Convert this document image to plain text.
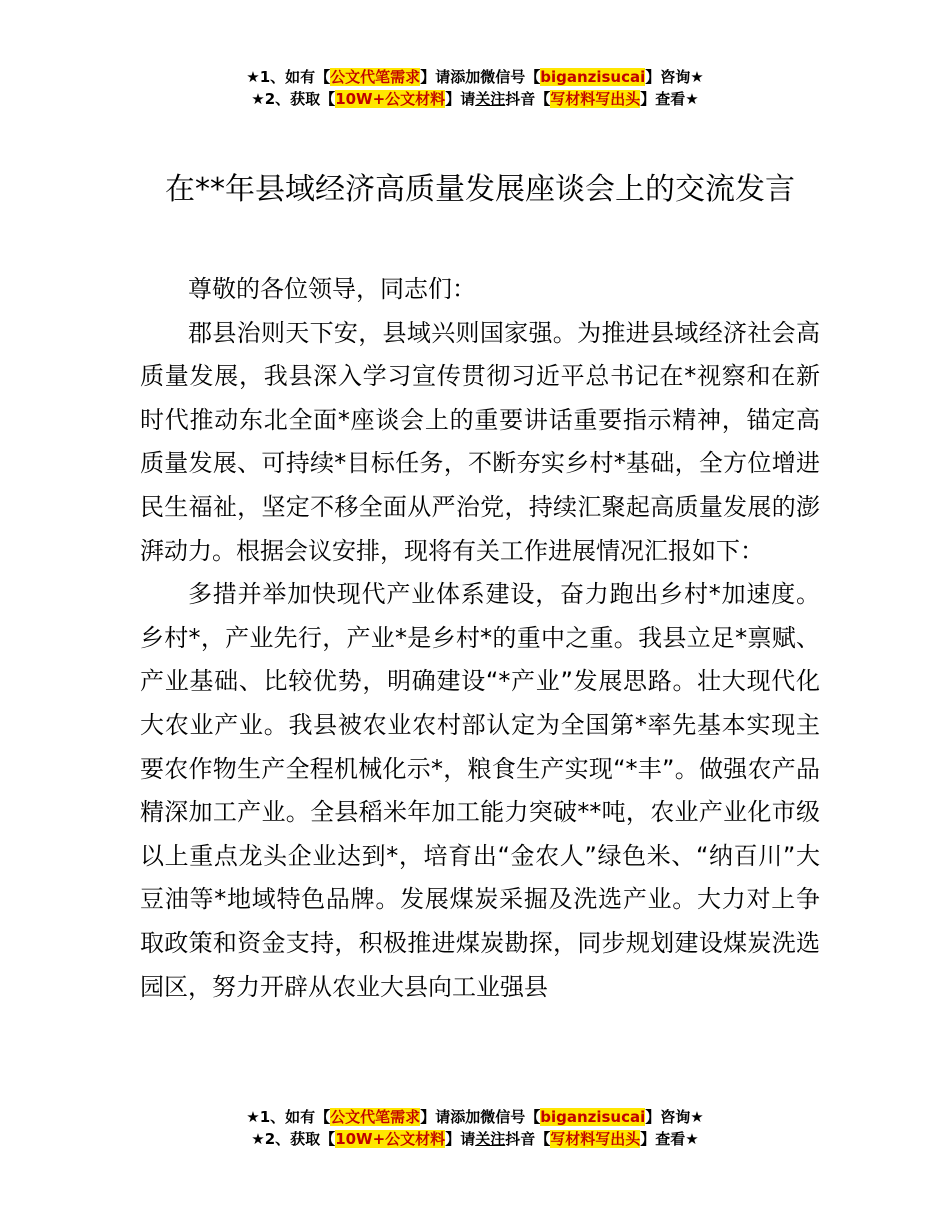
★1、如有【公文代笔需求】请添加微信号【biganzisucai】咨询★
★2、获取【10W+公文材料】请关注抖音【写材料写出头】查看★
在**年县域经济高质量发展座谈会上的交流发言

尊敬的各位领导，同志们：

郡县治则天下安，县域兴则国家强。为推进县域经济社会高质量发展，我县深入学习宣传贯彻习近平总书记在*视察和在新时代推动东北全面*座谈会上的重要讲话重要指示精神，锚定高质量发展、可持续*目标任务，不断夯实乡村*基础，全方位增进民生福祉，坚定不移全面从严治党，持续汇聚起高质量发展的澎湃动力。根据会议安排，现将有关工作进展情况汇报如下：

多措并举加快现代产业体系建设，奋力跑出乡村*加速度。乡村*，产业先行，产业*是乡村*的重中之重。我县立足*禀赋、产业基础、比较优势，明确建设“*产业”发展思路。壮大现代化大农业产业。我县被农业农村部认定为全国第*率先基本实现主要农作物生产全程机械化示*，粮食生产实现“*丰”。做强农产品精深加工产业。全县稻米年加工能力突破**吨，农业产业化市级以上重点龙头企业达到*，培育出“金农人”绿色米、“纳百川”大豆油等*地域特色品牌。发展煤炭采掘及洗选产业。大力对上争取政策和资金支持，积极推进煤炭勘探，同步规划建设煤炭洗选园区，努力开辟从农业大县向工业强县

★1、如有【公文代笔需求】请添加微信号【biganzisucai】咨询★
★2、获取【10W+公文材料】请关注抖音【写材料写出头】查看★
